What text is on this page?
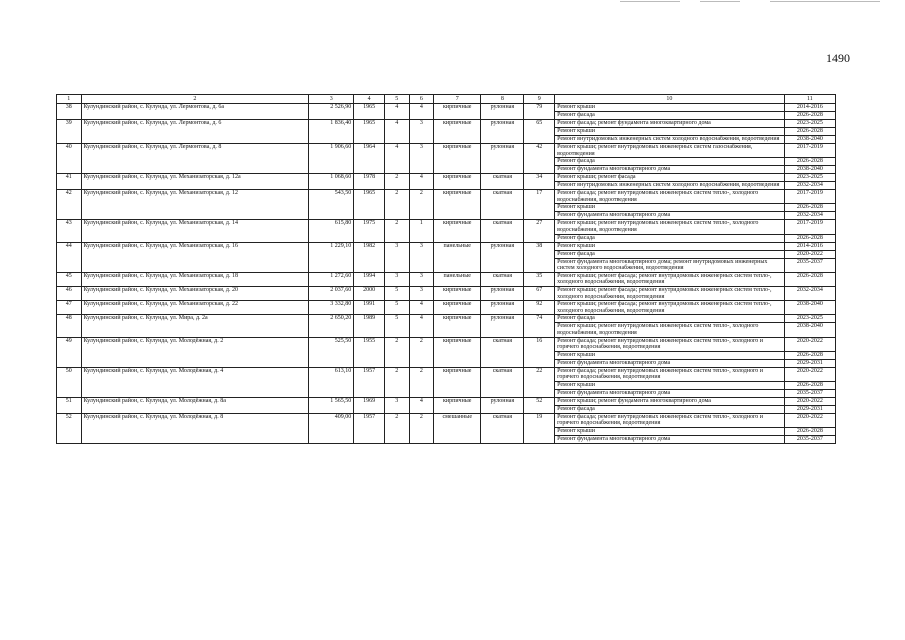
1490
1	2	3	4	5	6	7	8	9	10	11
38	Кулундинский район, с. Кулунда, ул. Лермонтова, д. 6а	2 526,90	1965	4	4	кирпичные	рулонная	79	Ремонт крыши	2014-2016
									Ремонт фасада	2026-2028
39	Кулундинский район, с. Кулунда, ул. Лермонтова, д. 6	1 836,40	1965	4	3	кирпичные	рулонная	65	Ремонт фасада; ремонт фундамента многоквартирного дома	2023-2025
									Ремонт крыши	2026-2028
									Ремонт внутридомовых инженерных систем холодного водоснабжения, водоотведения	2038-2040
40	Кулундинский район, с. Кулунда, ул. Лермонтова, д. 8	1 906,60	1964	4	3	кирпичные	рулонная	42	Ремонт крыши; ремонт внутридомовых инженерных систем газоснабжения, водоотведения	2017-2019
									Ремонт фасада	2026-2028
									Ремонт фундамента многоквартирного дома	2038-2040
41	Кулундинский район, с. Кулунда, ул. Механизаторская, д. 12а	1 068,60	1978	2	4	кирпичные	скатная	34	Ремонт крыши; ремонт фасада	2023-2025
									Ремонт внутридомовых инженерных систем холодного водоснабжения, водоотведения	2032-2034
42	Кулундинский район, с. Кулунда, ул. Механизаторская, д. 12	543,50	1965	2	2	кирпичные	скатная	17	Ремонт фасада; ремонт внутридомовых инженерных систем тепло-, холодного водоснабжения, водоотведения	2017-2019
									Ремонт крыши	2026-2028
									Ремонт фундамента многоквартирного дома	2032-2034
43	Кулундинский район, с. Кулунда, ул. Механизаторская, д. 14	615,80	1975	2	1	кирпичные	скатная	27	Ремонт крыши; ремонт внутридомовых инженерных систем тепло-, холодного водоснабжения, водоотведения	2017-2019
									Ремонт фасада	2026-2028
44	Кулундинский район, с. Кулунда, ул. Механизаторская, д. 16	1 229,10	1982	3	3	панельные	рулонная	38	Ремонт крыши	2014-2016
									Ремонт фасада	2020-2022
									Ремонт фундамента многоквартирного дома; ремонт внутридомовых инженерных систем холодного водоснабжения, водоотведения	2035-2037
45	Кулундинский район, с. Кулунда, ул. Механизаторская, д. 18	1 272,60	1994	3	3	панельные	скатная	35	Ремонт крыши; ремонт фасада; ремонт внутридомовых инженерных систем тепло-, холодного водоснабжения, водоотведения	2026-2028
46	Кулундинский район, с. Кулунда, ул. Механизаторская, д. 20	2 037,60	2000	5	3	кирпичные	рулонная	67	Ремонт крыши; ремонт фасада; ремонт внутридомовых инженерных систем тепло-, холодного водоснабжения, водоотведения	2032-2034
47	Кулундинский район, с. Кулунда, ул. Механизаторская, д. 22	3 332,80	1991	5	4	кирпичные	рулонная	92	Ремонт крыши; ремонт фасада; ремонт внутридомовых инженерных систем тепло-, холодного водоснабжения, водоотведения	2038-2040
48	Кулундинский район, с. Кулунда, ул. Мира, д. 2а	2 650,20	1989	5	4	кирпичные	рулонная	74	Ремонт фасада	2023-2025
									Ремонт крыши; ремонт внутридомовых инженерных систем тепло-, холодного водоснабжения, водоотведения	2038-2040
49	Кулундинский район, с. Кулунда, ул. Молодёжная, д. 2	525,50	1955	2	2	кирпичные	скатная	16	Ремонт фасада; ремонт внутридомовых инженерных систем тепло-, холодного и горячего водоснабжения, водоотведения	2020-2022
									Ремонт крыши	2026-2028
									Ремонт фундамента многоквартирного дома	2029-2031
50	Кулундинский район, с. Кулунда, ул. Молодёжная, д. 4	613,10	1957	2	2	кирпичные	скатная	22	Ремонт фасада; ремонт внутридомовых инженерных систем тепло-, холодного и горячего водоснабжения, водоотведения	2020-2022
									Ремонт крыши	2026-2028
									Ремонт фундамента многоквартирного дома	2035-2037
51	Кулундинский район, с. Кулунда, ул. Молодёжная, д. 8а	1 565,50	1969	3	4	кирпичные	рулонная	52	Ремонт крыши; ремонт фундамента многоквартирного дома	2020-2022
									Ремонт фасада	2029-2031
52	Кулундинский район, с. Кулунда, ул. Молодёжная, д. 8	409,00	1957	2	2	смешанные	скатная	19	Ремонт фасада; ремонт внутридомовых инженерных систем тепло-, холодного и горячего водоснабжения, водоотведения	2020-2022
									Ремонт крыши	2026-2028
									Ремонт фундамента многоквартирного дома	2035-2037
